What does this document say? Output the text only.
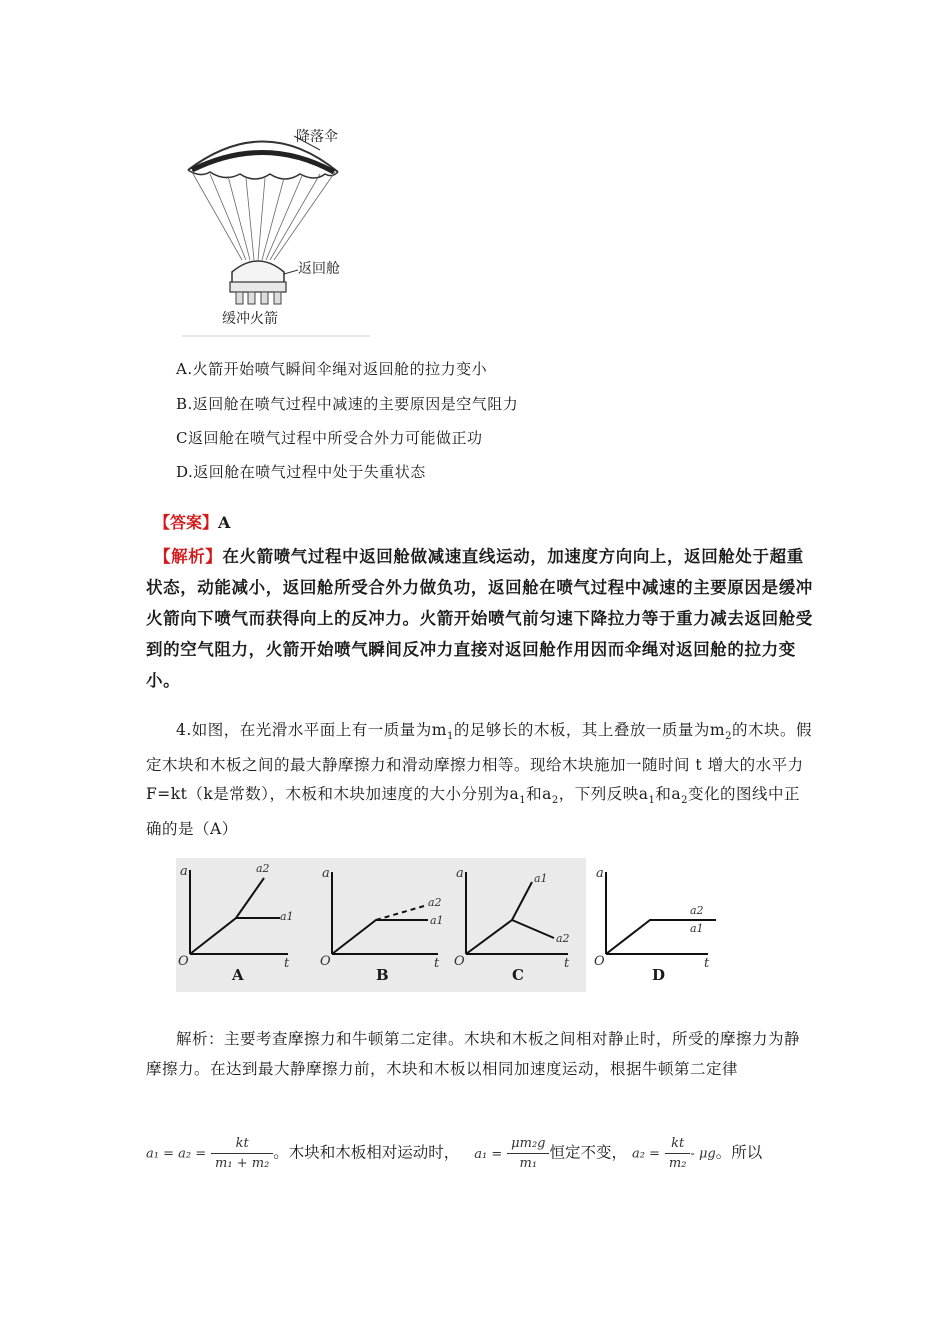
降落伞
返回舱
缓冲火箭
A.火箭开始喷气瞬间伞绳对返回舱的拉力变小
B.返回舱在喷气过程中减速的主要原因是空气阻力
C返回舱在喷气过程中所受合外力可能做正功
D.返回舱在喷气过程中处于失重状态
【答案】A
【解析】在火箭喷气过程中返回舱做减速直线运动，加速度方向向上，返回舱处于超重状态，动能减小，返回舱所受合外力做负功，返回舱在喷气过程中减速的主要原因是缓冲火箭向下喷气而获得向上的反冲力。火箭开始喷气前匀速下降拉力等于重力减去返回舱受到的空气阻力，火箭开始喷气瞬间反冲力直接对返回舱作用因而伞绳对返回舱的拉力变小。
4.如图，在光滑水平面上有一质量为$m_1$的足够长的木板，其上叠放一质量为$m_2$的木块。假定木块和木板之间的最大静摩擦力和滑动摩擦力相等。现给木块施加一随时间 t 增大的水平力F=kt（k是常数），木板和木块加速度的大小分别为$a_1$和$a_2$，下列反映$a_1$和$a_2$变化的图线中正确的是（A）
a
O	t
a2
a1
A
a
O	t
a2
a1
B
a
O	t
a1
a2
C
a
O	t
a2
a1
D
解析：主要考查摩擦力和牛顿第二定律。木块和木板之间相对静止时，所受的摩擦力为静摩擦力。在达到最大静摩擦力前，木块和木板以相同加速度运动，根据牛顿第二定律
$a_1 = a_2 = \frac{kt}{\text{m₁ + m₂}}$ 。木块和木板相对运动时， $a_1 = \frac{\text{μm₂g}}{\text{m₁}}$ 恒定不变， $a_2 = \frac{kt}{\text{m₂}} - \mu g$。所以
